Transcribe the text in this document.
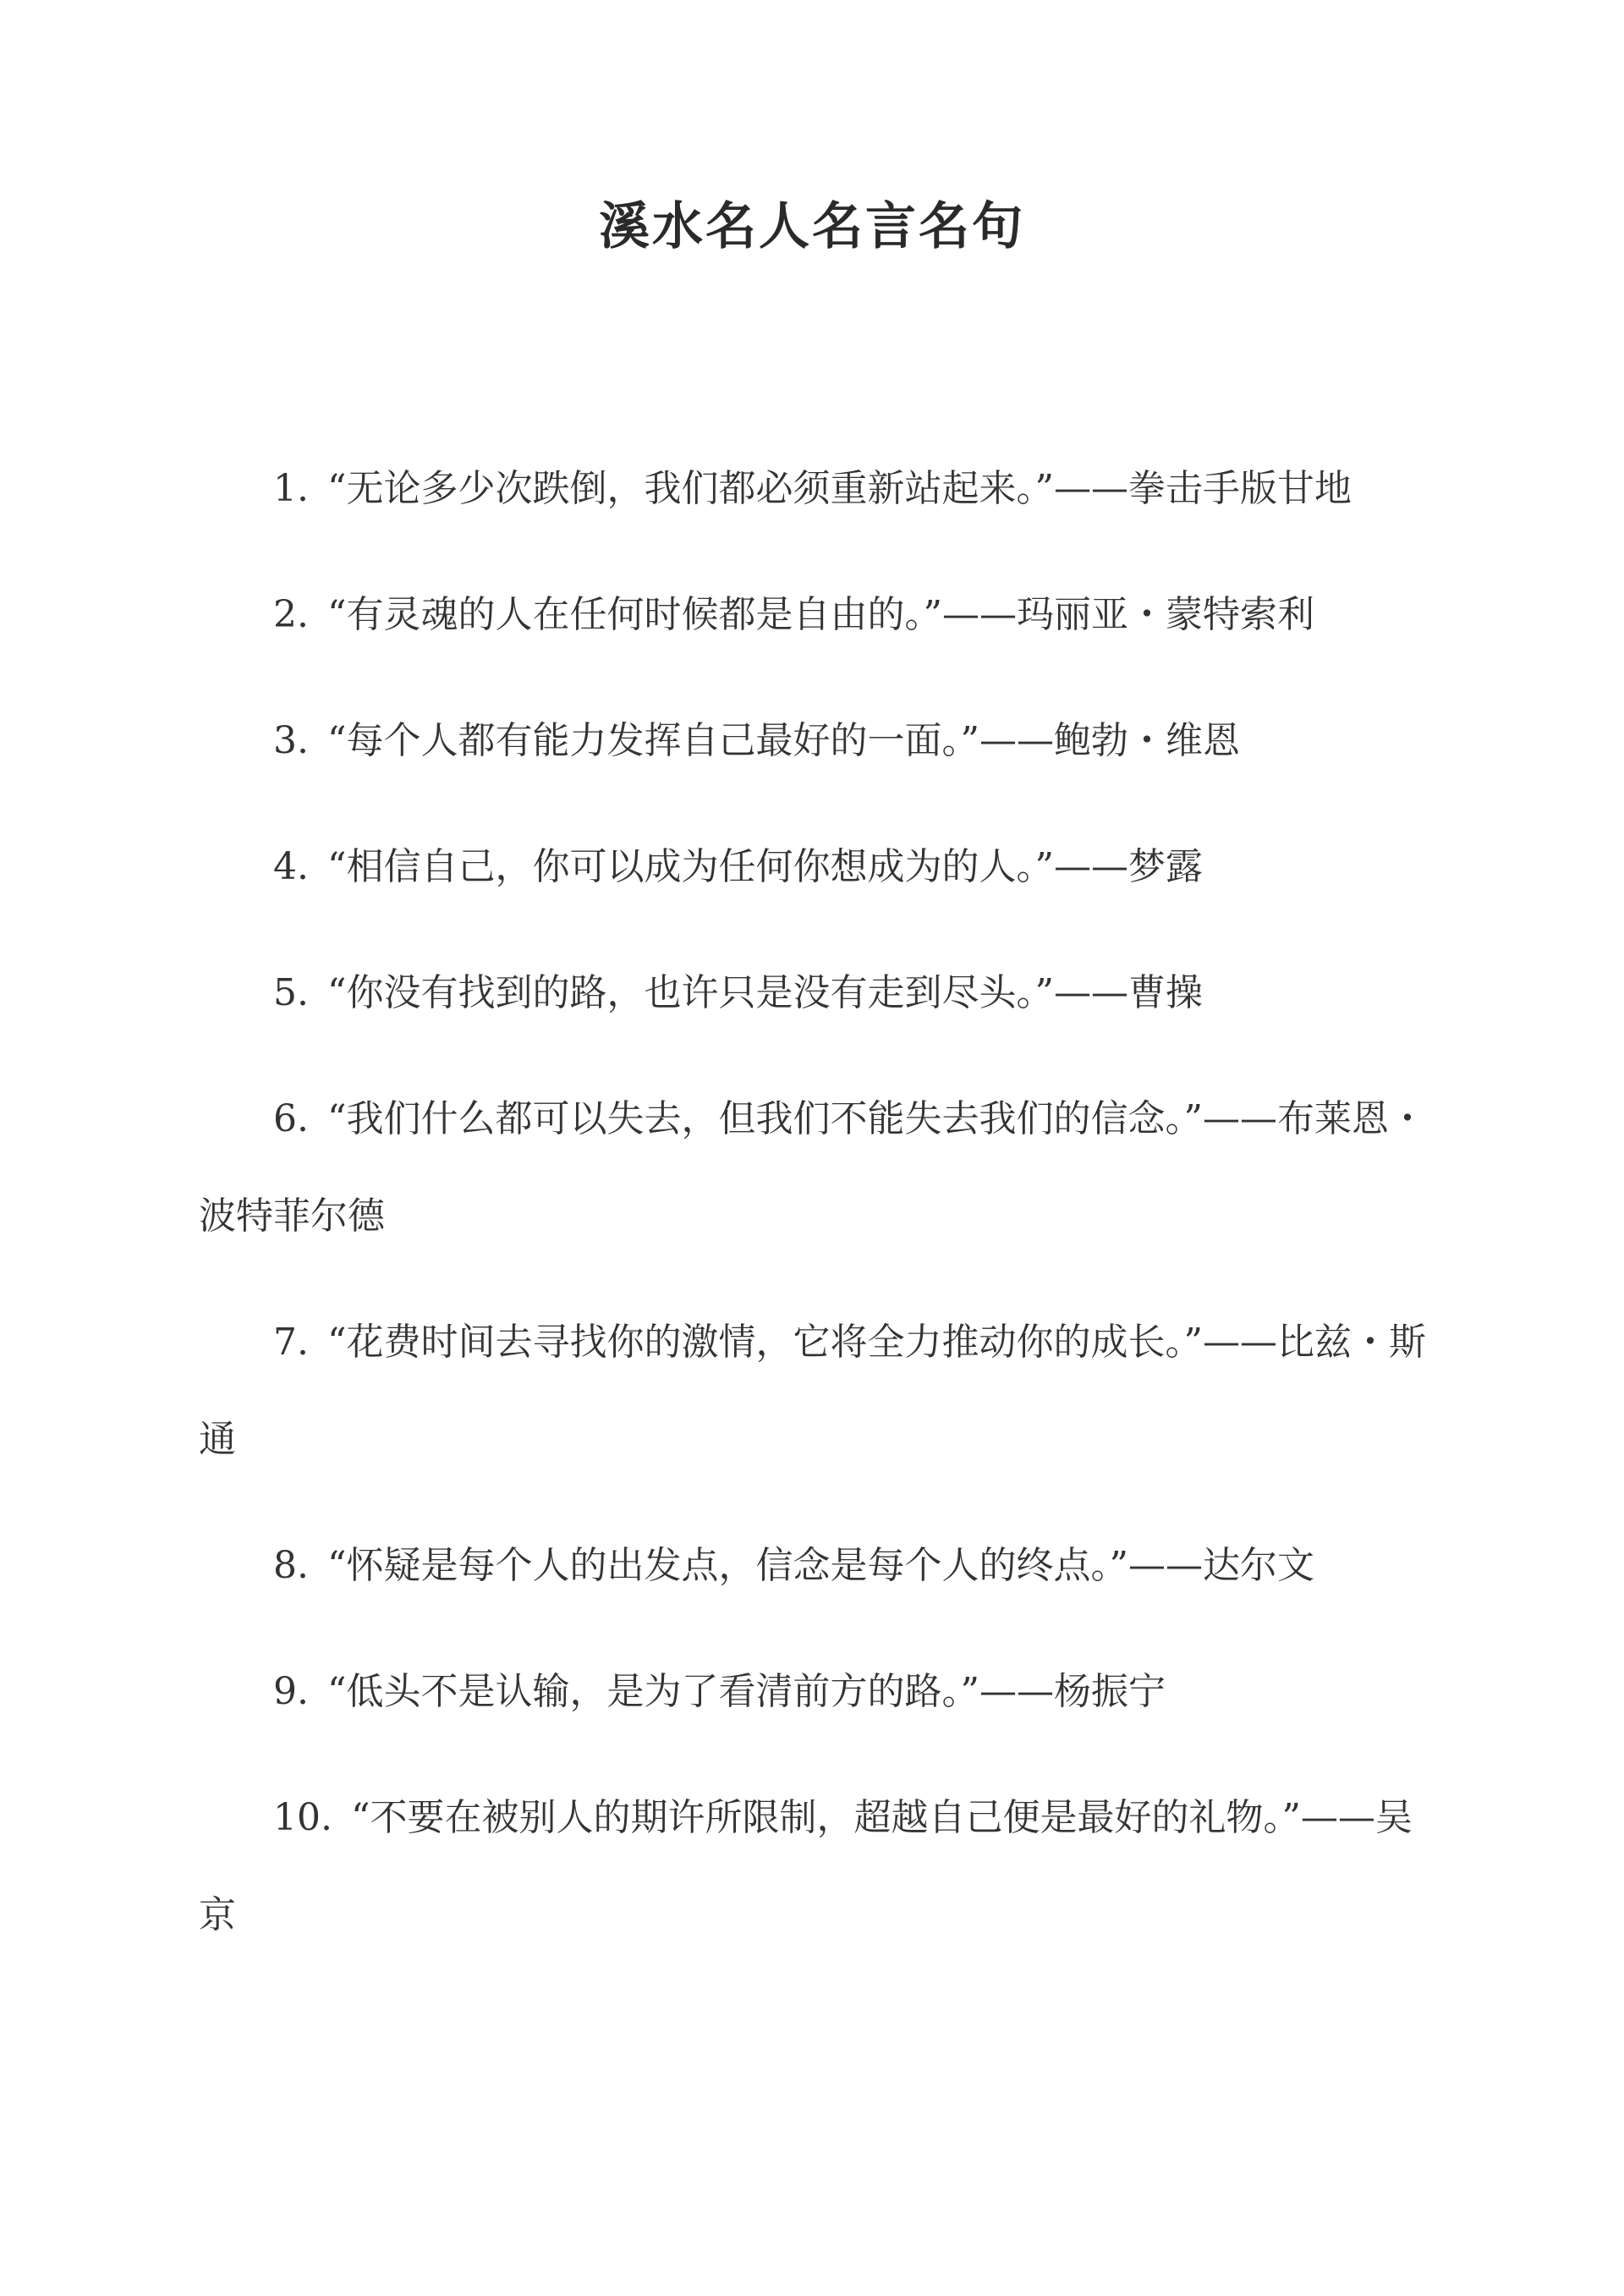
溪水名人名言名句

1. “无论多少次跌倒，我们都必须重新站起来。”——拳击手版甘地

2. “有灵魂的人在任何时候都是自由的。”——玛丽亚・蒙特索利

3. “每个人都有能力发挥自己最好的一面。”——鲍勃・维恩

4. “相信自己，你可以成为任何你想成为的人。”——梦露

5. “你没有找到的路，也许只是没有走到尽头。”——曹操

6. “我们什么都可以失去，但我们不能失去我们的信念。”——布莱恩・波特菲尔德

7. “花费时间去寻找你的激情，它将全力推动你的成长。”——比兹・斯通

8. “怀疑是每个人的出发点，信念是每个人的终点。”——达尔文

9. “低头不是认输，是为了看清前方的路。”——杨振宁

10. “不要在被别人的期许所限制，超越自己便是最好的礼物。”——吴京
